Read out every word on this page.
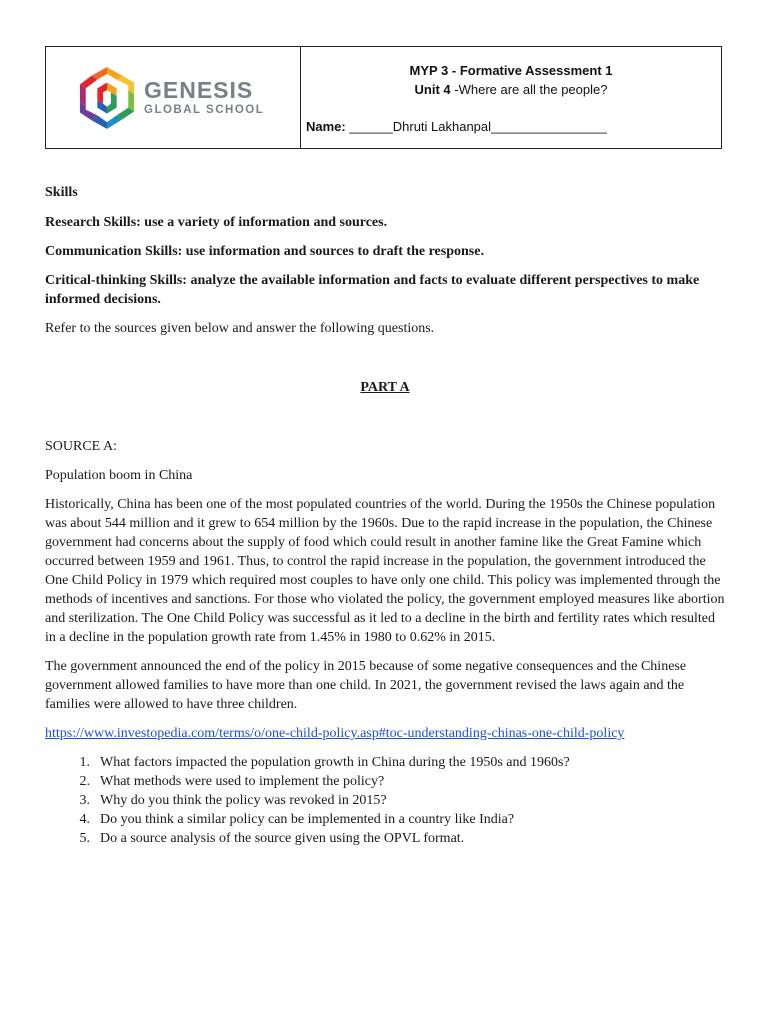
GENESIS
GLOBAL SCHOOL
MYP 3 - Formative Assessment 1
Unit 4 -Where are all the people?
Name: ______Dhruti Lakhanpal________________

Skills

Research Skills: use a variety of information and sources.

Communication Skills: use information and sources to draft the response.

Critical-thinking Skills: analyze the available information and facts to evaluate different perspectives to make informed decisions.

Refer to the sources given below and answer the following questions.

PART A

SOURCE A:

Population boom in China

Historically, China has been one of the most populated countries of the world. During the 1950s the Chinese population was about 544 million and it grew to 654 million by the 1960s. Due to the rapid increase in the population, the Chinese government had concerns about the supply of food which could result in another famine like the Great Famine which occurred between 1959 and 1961. Thus, to control the rapid increase in the population, the government introduced the One Child Policy in 1979 which required most couples to have only one child. This policy was implemented through the methods of incentives and sanctions. For those who violated the policy, the government employed measures like abortion and sterilization. The One Child Policy was successful as it led to a decline in the birth and fertility rates which resulted in a decline in the population growth rate from 1.45% in 1980 to 0.62% in 2015.

The government announced the end of the policy in 2015 because of some negative consequences and the Chinese government allowed families to have more than one child. In 2021, the government revised the laws again and the families were allowed to have three children.

https://www.investopedia.com/terms/o/one-child-policy.asp#toc-understanding-chinas-one-child-policy

1. What factors impacted the population growth in China during the 1950s and 1960s?
2. What methods were used to implement the policy?
3. Why do you think the policy was revoked in 2015?
4. Do you think a similar policy can be implemented in a country like India?
5. Do a source analysis of the source given using the OPVL format.
